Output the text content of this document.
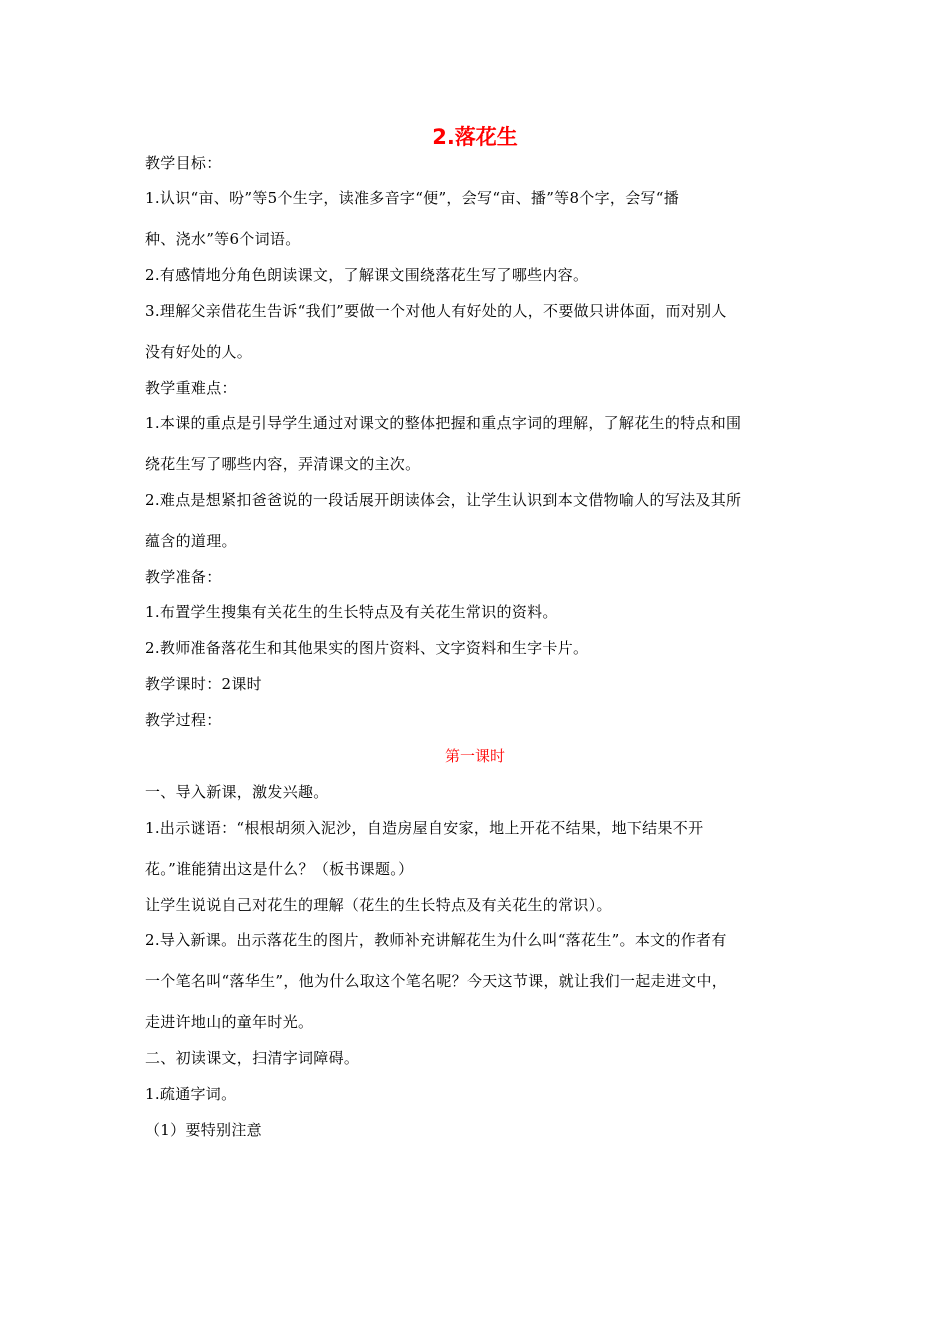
2.落花生
教学目标：
1.认识“亩、吩”等5个生字，读准多音字“便”，会写“亩、播”等8个字，会写“播
种、浇水”等6个词语。
2.有感情地分角色朗读课文，了解课文围绕落花生写了哪些内容。
3.理解父亲借花生告诉“我们”要做一个对他人有好处的人，不要做只讲体面，而对别人
没有好处的人。
教学重难点：
1.本课的重点是引导学生通过对课文的整体把握和重点字词的理解，了解花生的特点和围
绕花生写了哪些内容，弄清课文的主次。
2.难点是想紧扣爸爸说的一段话展开朗读体会，让学生认识到本文借物喻人的写法及其所
蕴含的道理。
教学准备：
1.布置学生搜集有关花生的生长特点及有关花生常识的资料。
2.教师准备落花生和其他果实的图片资料、文字资料和生字卡片。
教学课时：2课时
教学过程：
第一课时
一、导入新课，激发兴趣。
1.出示谜语：“根根胡须入泥沙，自造房屋自安家，地上开花不结果，地下结果不开
花。”谁能猜出这是什么？（板书课题。）
让学生说说自己对花生的理解（花生的生长特点及有关花生的常识）。
2.导入新课。出示落花生的图片，教师补充讲解花生为什么叫“落花生”。本文的作者有
一个笔名叫“落华生”，他为什么取这个笔名呢？今天这节课，就让我们一起走进文中，
走进许地山的童年时光。
二、初读课文，扫清字词障碍。
1.疏通字词。
（1）要特别注意
